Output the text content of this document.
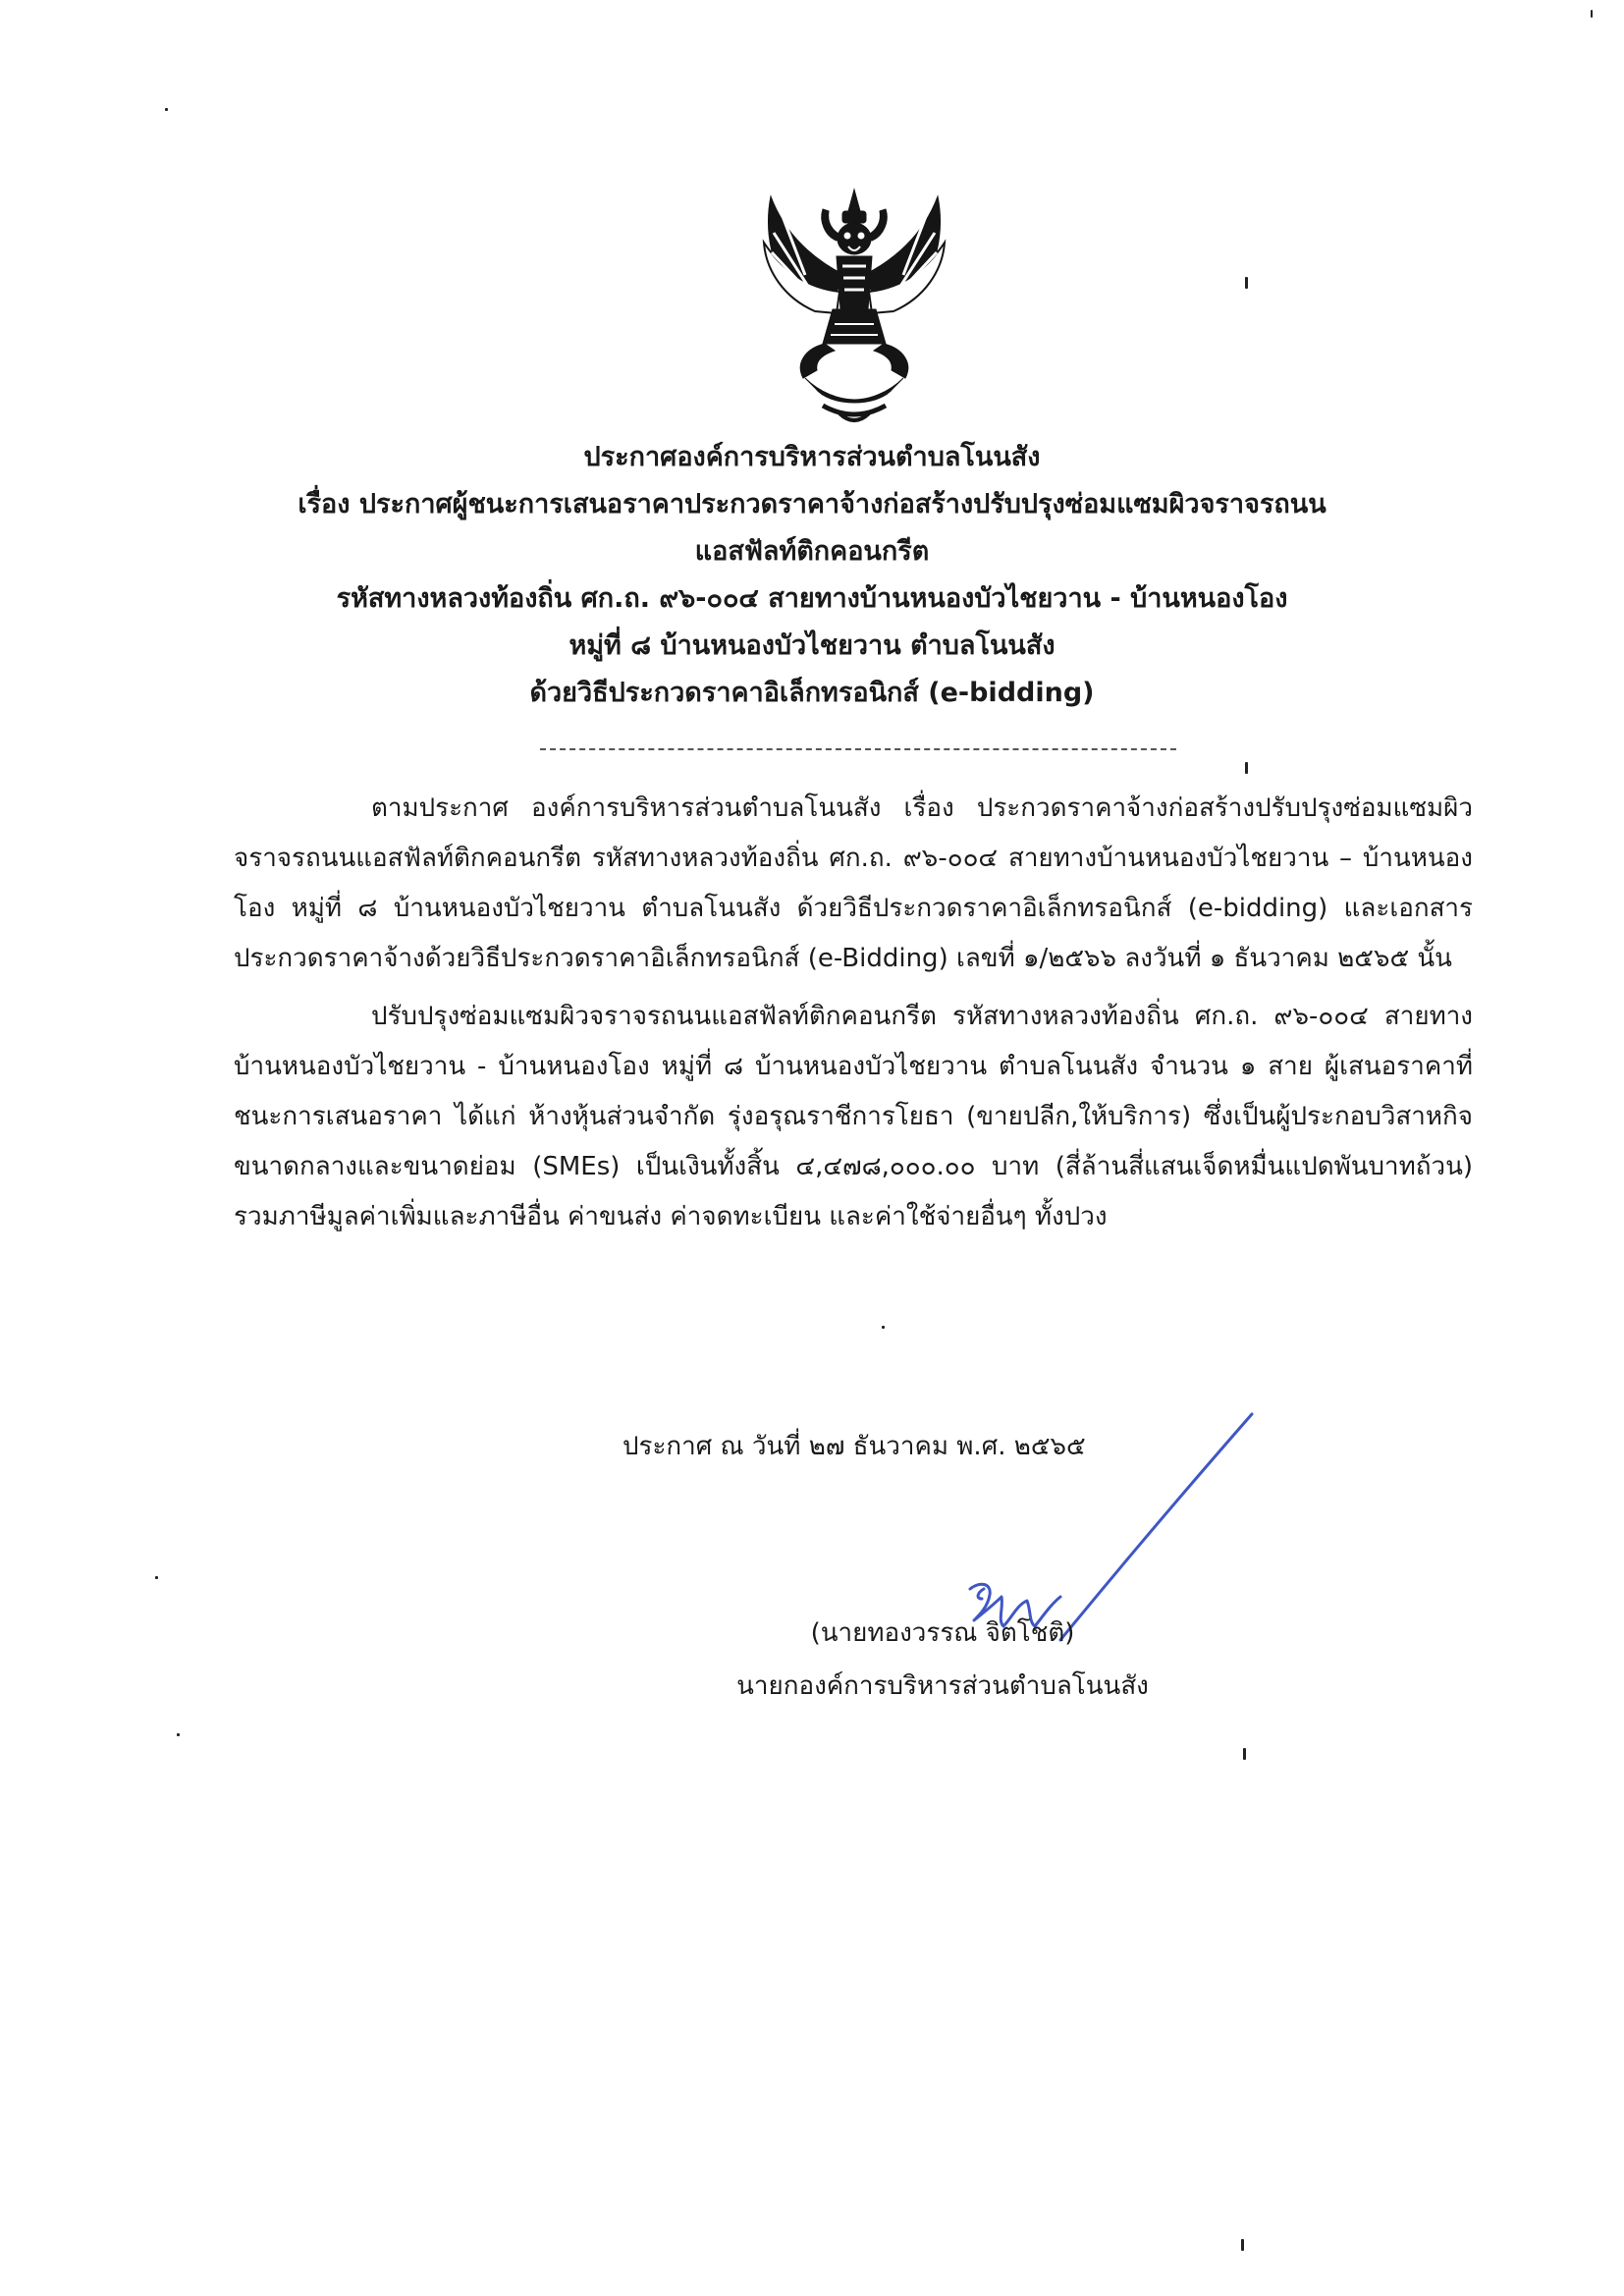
ประกาศองค์การบริหารส่วนตำบลโนนสัง
เรื่อง ประกาศผู้ชนะการเสนอราคาประกวดราคาจ้างก่อสร้างปรับปรุงซ่อมแซมผิวจราจรถนน
แอสฟัลท์ติกคอนกรีต
รหัสทางหลวงท้องถิ่น ศก.ถ. ๙๖-๐๐๔ สายทางบ้านหนองบัวไชยวาน - บ้านหนองโอง
หมู่ที่ ๘ บ้านหนองบัวไชยวาน ตำบลโนนสัง
ด้วยวิธีประกวดราคาอิเล็กทรอนิกส์ (e-bidding)

ตามประกาศ องค์การบริหารส่วนตำบลโนนสัง เรื่อง ประกวดราคาจ้างก่อสร้างปรับปรุงซ่อมแซมผิวจราจรถนนแอสฟัลท์ติกคอนกรีต รหัสทางหลวงท้องถิ่น ศก.ถ. ๙๖-๐๐๔ สายทางบ้านหนองบัวไชยวาน – บ้านหนองโอง หมู่ที่ ๘ บ้านหนองบัวไชยวาน ตำบลโนนสัง ด้วยวิธีประกวดราคาอิเล็กทรอนิกส์ (e-bidding) และเอกสารประกวดราคาจ้างด้วยวิธีประกวดราคาอิเล็กทรอนิกส์ (e-Bidding) เลขที่ ๑/๒๕๖๖ ลงวันที่ ๑ ธันวาคม ๒๕๖๕ นั้น

ปรับปรุงซ่อมแซมผิวจราจรถนนแอสฟัลท์ติกคอนกรีต รหัสทางหลวงท้องถิ่น ศก.ถ. ๙๖-๐๐๔ สายทางบ้านหนองบัวไชยวาน - บ้านหนองโอง หมู่ที่ ๘ บ้านหนองบัวไชยวาน ตำบลโนนสัง จำนวน ๑ สาย ผู้เสนอราคาที่ชนะการเสนอราคา ได้แก่ ห้างหุ้นส่วนจำกัด รุ่งอรุณราชีการโยธา (ขายปลีก,ให้บริการ) ซึ่งเป็นผู้ประกอบวิสาหกิจขนาดกลางและขนาดย่อม (SMEs) เป็นเงินทั้งสิ้น ๔,๔๗๘,๐๐๐.๐๐ บาท (สี่ล้านสี่แสนเจ็ดหมื่นแปดพันบาทถ้วน) รวมภาษีมูลค่าเพิ่มและภาษีอื่น ค่าขนส่ง ค่าจดทะเบียน และค่าใช้จ่ายอื่นๆ ทั้งปวง

ประกาศ ณ วันที่ ๒๗ ธันวาคม พ.ศ. ๒๕๖๕
(นายทองวรรณ จิตโชติ)
นายกองค์การบริหารส่วนตำบลโนนสัง
